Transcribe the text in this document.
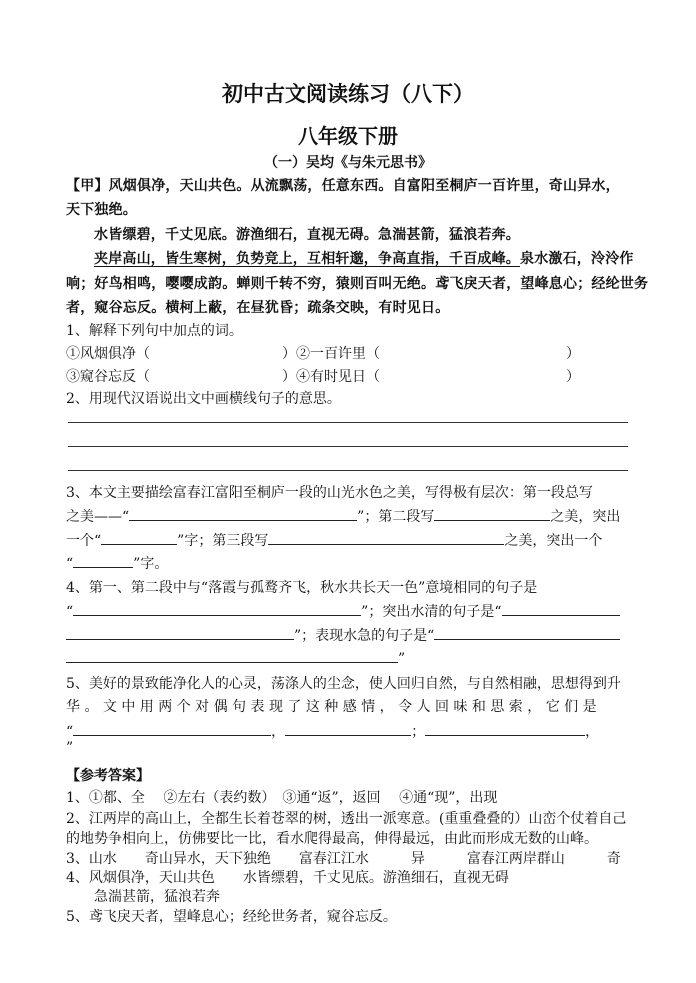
初中古文阅读练习（八下）
八年级下册
（一）吴均《与朱元思书》
【甲】风烟俱净，天山共色。从流飘荡，任意东西。自富阳至桐庐一百许里，奇山异水，
天下独绝。
水皆缥碧，千丈见底。游渔细石，直视无碍。急湍甚箭，猛浪若奔。
夹岸高山，皆生寒树，负势竞上，互相轩邈，争高直指，千百成峰。泉水激石，泠泠作
响；好鸟相鸣，嘤嘤成韵。蝉则千转不穷，猿则百叫无绝。鸢飞戾天者，望峰息心；经纶世务
者，窥谷忘反。横柯上蔽，在昼犹昏；疏条交映，有时见日。
1、解释下列句中加点的词。
①风烟俱净（	）②一百许里（	）
③窥谷忘反（	）④有时见日（	）
2、用现代汉语说出文中画横线句子的意思。
3、本文主要描绘富春江富阳至桐庐一段的山光水色之美，写得极有层次：第一段总写
之美——“	”；第二段写	之美，突出
一个“	”字；第三段写	之美，突出一个
“	”字。
4、第一、第二段中与“落霞与孤鹜齐飞，秋水共长天一色”意境相同的句子是
“	”；突出水清的句子是“
”；表现水急的句子是“
”
5、美好的景致能净化人的心灵，荡涤人的尘念，使人回归自然，与自然相融，思想得到升
华 。 文 中 用 两 个 对 偶 句 表 现 了 这 种 感 情 ， 令 人 回 味 和 思 索 ， 它 们 是
“	，	；	，
”
【参考答案】
1、①都、全　 ②左右（表约数）　③通“返”，返回　 ④通“现”，出现
2、江两岸的高山上，全都生长着苍翠的树，透出一派寒意。(重重叠叠的）山峦个仗着自己
的地势争相向上，仿佛要比一比，看水爬得最高，伸得最远，由此而形成无数的山峰。
3、山水　　奇山异水，天下独绝　　富春江江水　　　异　　　富春江两岸群山　　　奇
4、风烟俱净，天山共色　　水皆缥碧，千丈见底。游渔细石，直视无碍
急湍甚箭，猛浪若奔
5、鸢飞戾天者，望峰息心；经纶世务者，窥谷忘反。
